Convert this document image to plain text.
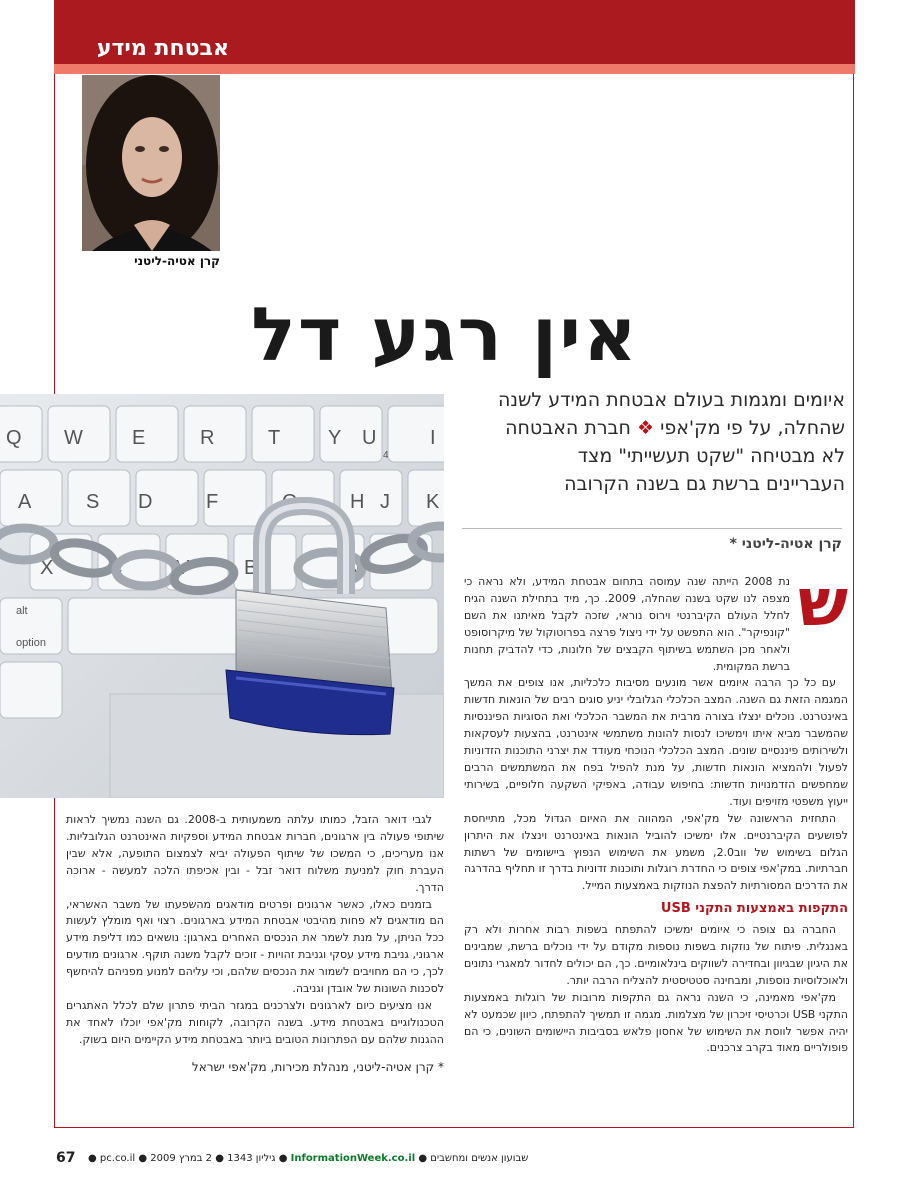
אבטחת מידע
קרן אטיה-ליטני
אין רגע דל
איומים ומגמות בעולם אבטחת המידע לשנה
שהחלה, על פי מק'אפי ❖ חברת האבטחה
לא מבטיחה "שקט תעשייתי" מצד
העבריינים ברשת גם בשנה הקרובה
קרן אטיה-ליטני *
Q W E	R	T Y U	I
4
A	S D	F	G	H J K
X	C	V	B	N
alt
option
ש

נת 2008 הייתה שנה עמוסה בתחום אבטחת המידע, ולא נראה כי מצפה לנו שקט בשנה שהחלה, 2009. כך, מיד בתחילת השנה הגיח לחלל העולם הקיברנטי וירוס נוראי, שזכה לקבל מאיתנו את השם "קונפיקר". הוא התפשט על ידי ניצול פרצה בפרוטוקול של מיקרוסופט ולאחר מכן השתמש בשיתוף הקבצים של חלונות, כדי להדביק תחנות ברשת המקומית.

עם כל כך הרבה איומים אשר מונעים מסיבות כלכליות, אנו צופים את המשך המגמה הזאת גם השנה. המצב הכלכלי הגלובלי יניע סוגים רבים של הונאות חדשות באינטרנט. נוכלים ינצלו בצורה מרבית את המשבר הכלכלי ואת הסוגיות הפיננסיות שהמשבר מביא איתו וימשיכו לנסות להונות משתמשי אינטרנט, בהצעות לעסקאות ולשירותים פיננסיים שונים. המצב הכלכלי הנוכחי מעודד את יצרני התוכנות הזדוניות לפעול ולהמציא הונאות חדשות, על מנת להפיל בפח את המשתמשים הרבים שמחפשים הזדמנויות חדשות: בחיפוש עבודה, באפיקי השקעה חלופיים, בשירותי ייעוץ משפטי מזויפים ועוד.

התחזית הראשונה של מק'אפי, המהווה את האיום הגדול מכל, מתייחסת לפושעים הקיברנטיים. אלו ימשיכו להוביל הונאות באינטרנט וינצלו את היתרון הגלום בשימוש של ווב2.0, משמע את השימוש הנפוץ ביישומים של רשתות חברתיות. במק'אפי צופים כי החדרת רוגלות ותוכנות זדוניות בדרך זו תחליף בהדרגה את הדרכים המסורתיות להפצת הנוזקות באמצעות המייל.

התקפות באמצעות התקני USB

החברה גם צופה כי איומים ימשיכו להתפתח בשפות רבות אחרות ולא רק באנגלית. פיתוח של נוזקות בשפות נוספות מקודם על ידי נוכלים ברשת, שמבינים את היגיון שבגיוון ובחדירה לשווקים בינלאומיים. כך, הם יכולים לחדור למאגרי נתונים ולאוכלוסיות נוספות, ומבחינה סטטיסטית להצליח הרבה יותר.

מק'אפי מאמינה, כי השנה נראה גם התקפות מרובות של רוגלות באמצעות התקני USB וכרטיסי זיכרון של מצלמות. מגמה זו תמשיך להתפתח, כיוון שכמעט לא יהיה אפשר לווסת את השימוש של אחסון פלאש בסביבות היישומים השונים, כי הם פופולריים מאוד בקרב צרכנים.

לגבי דואר הזבל, כמותו עלתה משמעותית ב-2008. גם השנה נמשיך לראות שיתופי פעולה בין ארגונים, חברות אבטחת המידע וספקיות האינטרנט הגלובליות. אנו מעריכים, כי המשכו של שיתוף הפעולה יביא לצמצום התופעה, אלא שבין העברת חוק למניעת משלוח דואר זבל - ובין אכיפתו הלכה למעשה - ארוכה הדרך.

בזמנים כאלו, כאשר ארגונים ופרטים מודאגים מהשפעתו של משבר האשראי, הם מודאגים לא פחות מהיבטי אבטחת המידע בארגונים. רצוי ואף מומלץ לעשות ככל הניתן, על מנת לשמר את הנכסים האחרים בארגון: נושאים כמו דליפת מידע ארגוני, גניבת מידע עסקי וגניבת זהויות - זוכים לקבל משנה תוקף. ארגונים מודעים לכך, כי הם מחויבים לשמור את הנכסים שלהם, וכי עליהם למנוע מפניהם להיחשף לסכנות השונות של אובדן וגניבה.

אנו מציעים כיום לארגונים ולצרכנים במגזר הביתי פתרון שלם לכלל האתגרים הטכנולוגיים באבטחת מידע. בשנה הקרובה, לקוחות מק'אפי יוכלו לאחד את ההגנות שלהם עם הפתרונות הטובים ביותר באבטחת מידע הקיימים היום בשוק.

* קרן אטיה-ליטני, מנהלת מכירות, מק'אפי ישראל

67 ● pc.co.il ● 2 במרץ 2009 ● גיליון 1343 ● InformationWeek.co.il ● שבועון אנשים ומחשבים
